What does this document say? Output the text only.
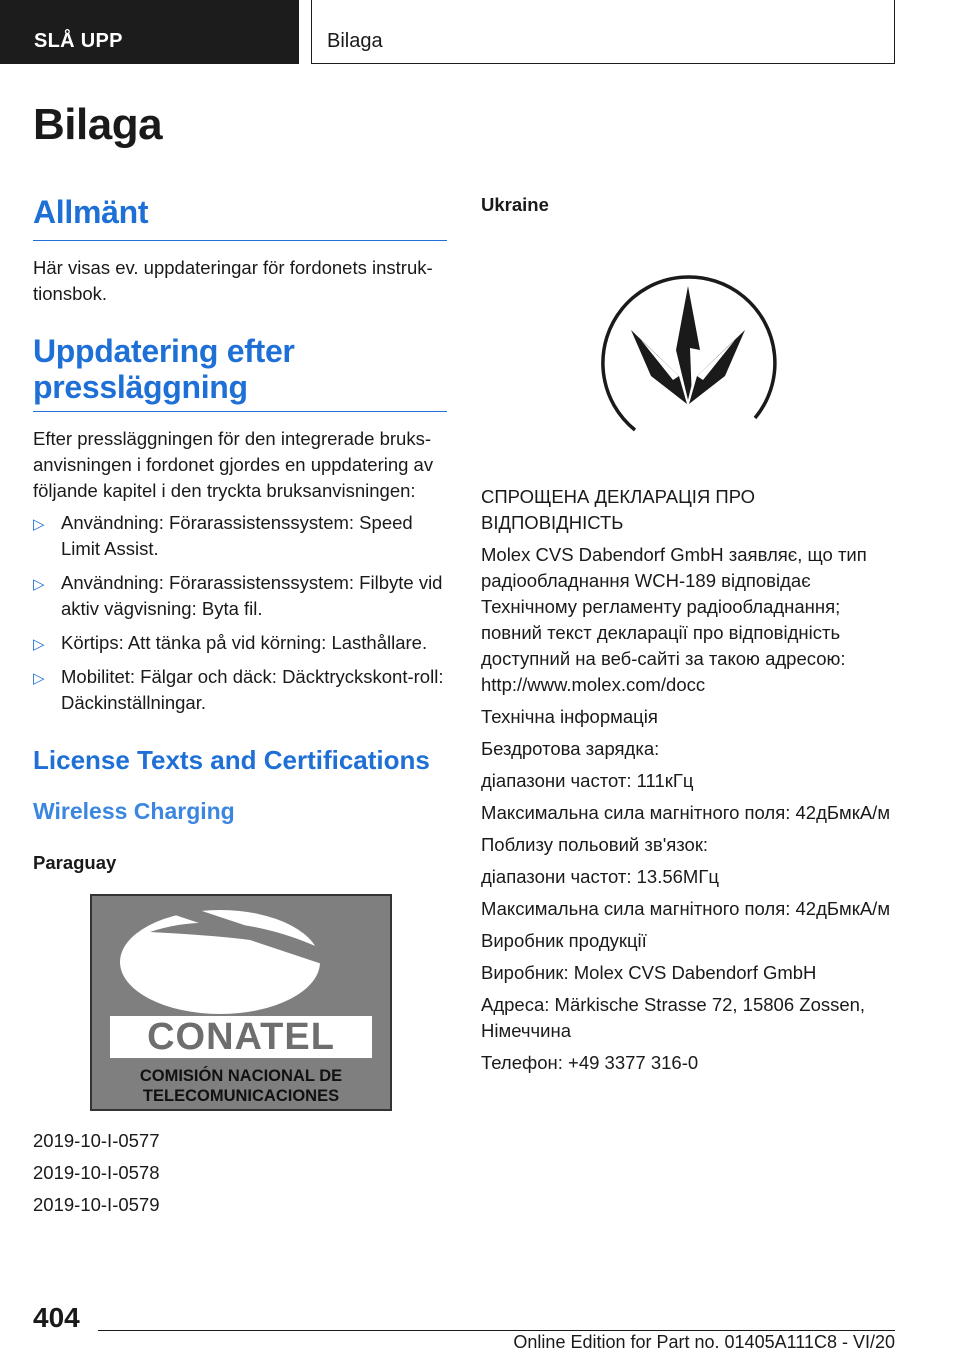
SLÅ UPP	Bilaga
Bilaga
Allmänt

Här visas ev. uppdateringar för fordonets instruk-tionsbok.

Uppdatering efter
pressläggning

Efter pressläggningen för den integrerade bruks-anvisningen i fordonet gjordes en uppdatering av följande kapitel i den tryckta bruksanvisningen:

▷ Användning: Förarassistenssystem: Speed Limit Assist.
▷ Användning: Förarassistenssystem: Filbyte vid aktiv vägvisning: Byta fil.
▷ Körtips: Att tänka på vid körning: Lasthållare.
▷ Mobilitet: Fälgar och däck: Däcktryckskont-roll: Däckinställningar.
License Texts and Certifications
Wireless Charging
Paraguay
CONATEL
COMISIÓN NACIONAL DE
TELECOMUNICACIONES
2019-10-I-0577
2019-10-I-0578
2019-10-I-0579
Ukraine

СПРОЩЕНА ДЕКЛАРАЦІЯ ПРО ВІДПОВІДНІСТЬ

Molex CVS Dabendorf GmbH заявляє, що тип радіообладнання WCH-189 відповідає Технічному регламенту радіообладнання; повний текст декларації про відповідність доступний на веб-сайті за такою адресою: http://www.molex.com/docc

Технічна інформація

Бездротова зарядка:

діапазони частот: 111кГц

Максимальна сила магнітного поля: 42дБмкА/м

Поблизу польовий зв'язок:

діапазони частот: 13.56МГц

Максимальна сила магнітного поля: 42дБмкА/м

Виробник продукції

Виробник: Molex CVS Dabendorf GmbH

Адреса: Märkische Strasse 72, 15806 Zossen, Німеччина

Телефон: +49 3377 316-0

404
Online Edition for Part no. 01405A111C8 - VI/20
